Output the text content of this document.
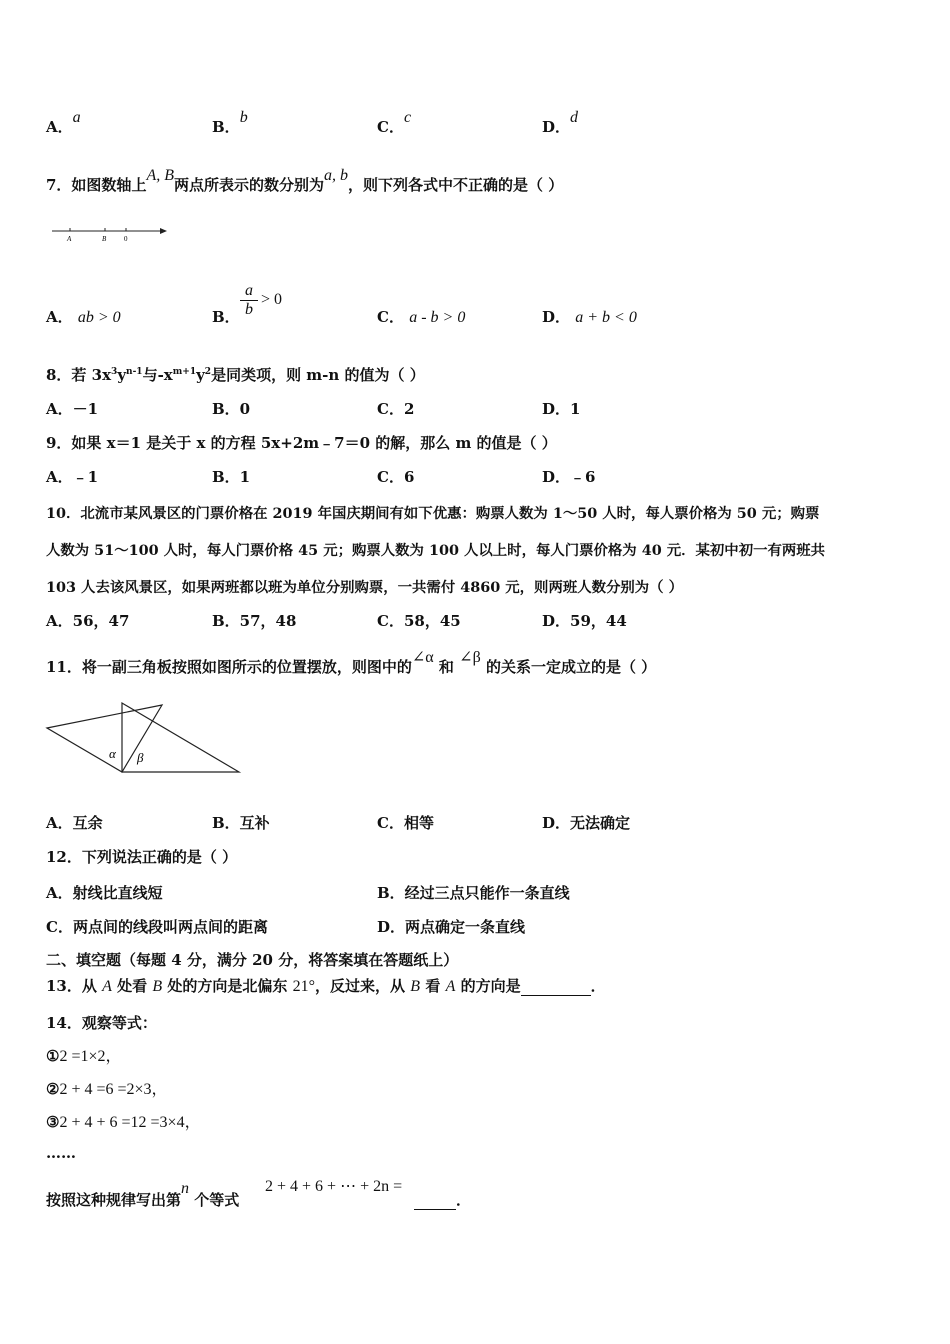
A．a
B．b
C．c
D．d
7．如图数轴上A, B两点所表示的数分别为a, b，则下列各式中不正确的是（ ）
A	B	0
A． ab > 0	B．
a
b
> 0
C． a - b > 0	D． a + b < 0
8．若 $3x^3y^{n-1}$与$-x^{m+1}y^2$是同类项，则 m-n 的值为（ ）
A．－1	B．0	C．2	D．1
9．如果 x＝1 是关于 x 的方程 5x+2m﹣7＝0 的解，那么 m 的值是（ ）
A．﹣1	B．1	C．6	D．﹣6
10．北流市某风景区的门票价格在 2019 年国庆期间有如下优惠：购票人数为 1～50 人时，每人票价格为 50 元；购票
人数为 51～100 人时，每人门票价格 45 元；购票人数为 100 人以上时，每人门票价格为 40 元．某初中初一有两班共
103 人去该风景区，如果两班都以班为单位分别购票，一共需付 4860 元，则两班人数分别为（ ）
A．56，47	B．57，48	C．58，45	D．59，44
11．将一副三角板按照如图所示的位置摆放，则图中的∠α 和 ∠β 的关系一定成立的是（ ）
α β
A．互余	B．互补	C．相等	D．无法确定
12．下列说法正确的是（ ）
A．射线比直线短	B．经过三点只能作一条直线
C．两点间的线段叫两点间的距离	D．两点确定一条直线
二、填空题（每题 4 分，满分 20 分，将答案填在答题纸上）
13．从 A 处看 B 处的方向是北偏东 21°，反过来，从 B 看 A 的方向是	．
14．观察等式：
①2 =1×2，
②2 + 4 =6 =2×3，
③2 + 4 + 6 =12 =3×4，
……
按照这种规律写出第n 个等式
2 + 4 + 6 + ⋯ + 2n =
．
